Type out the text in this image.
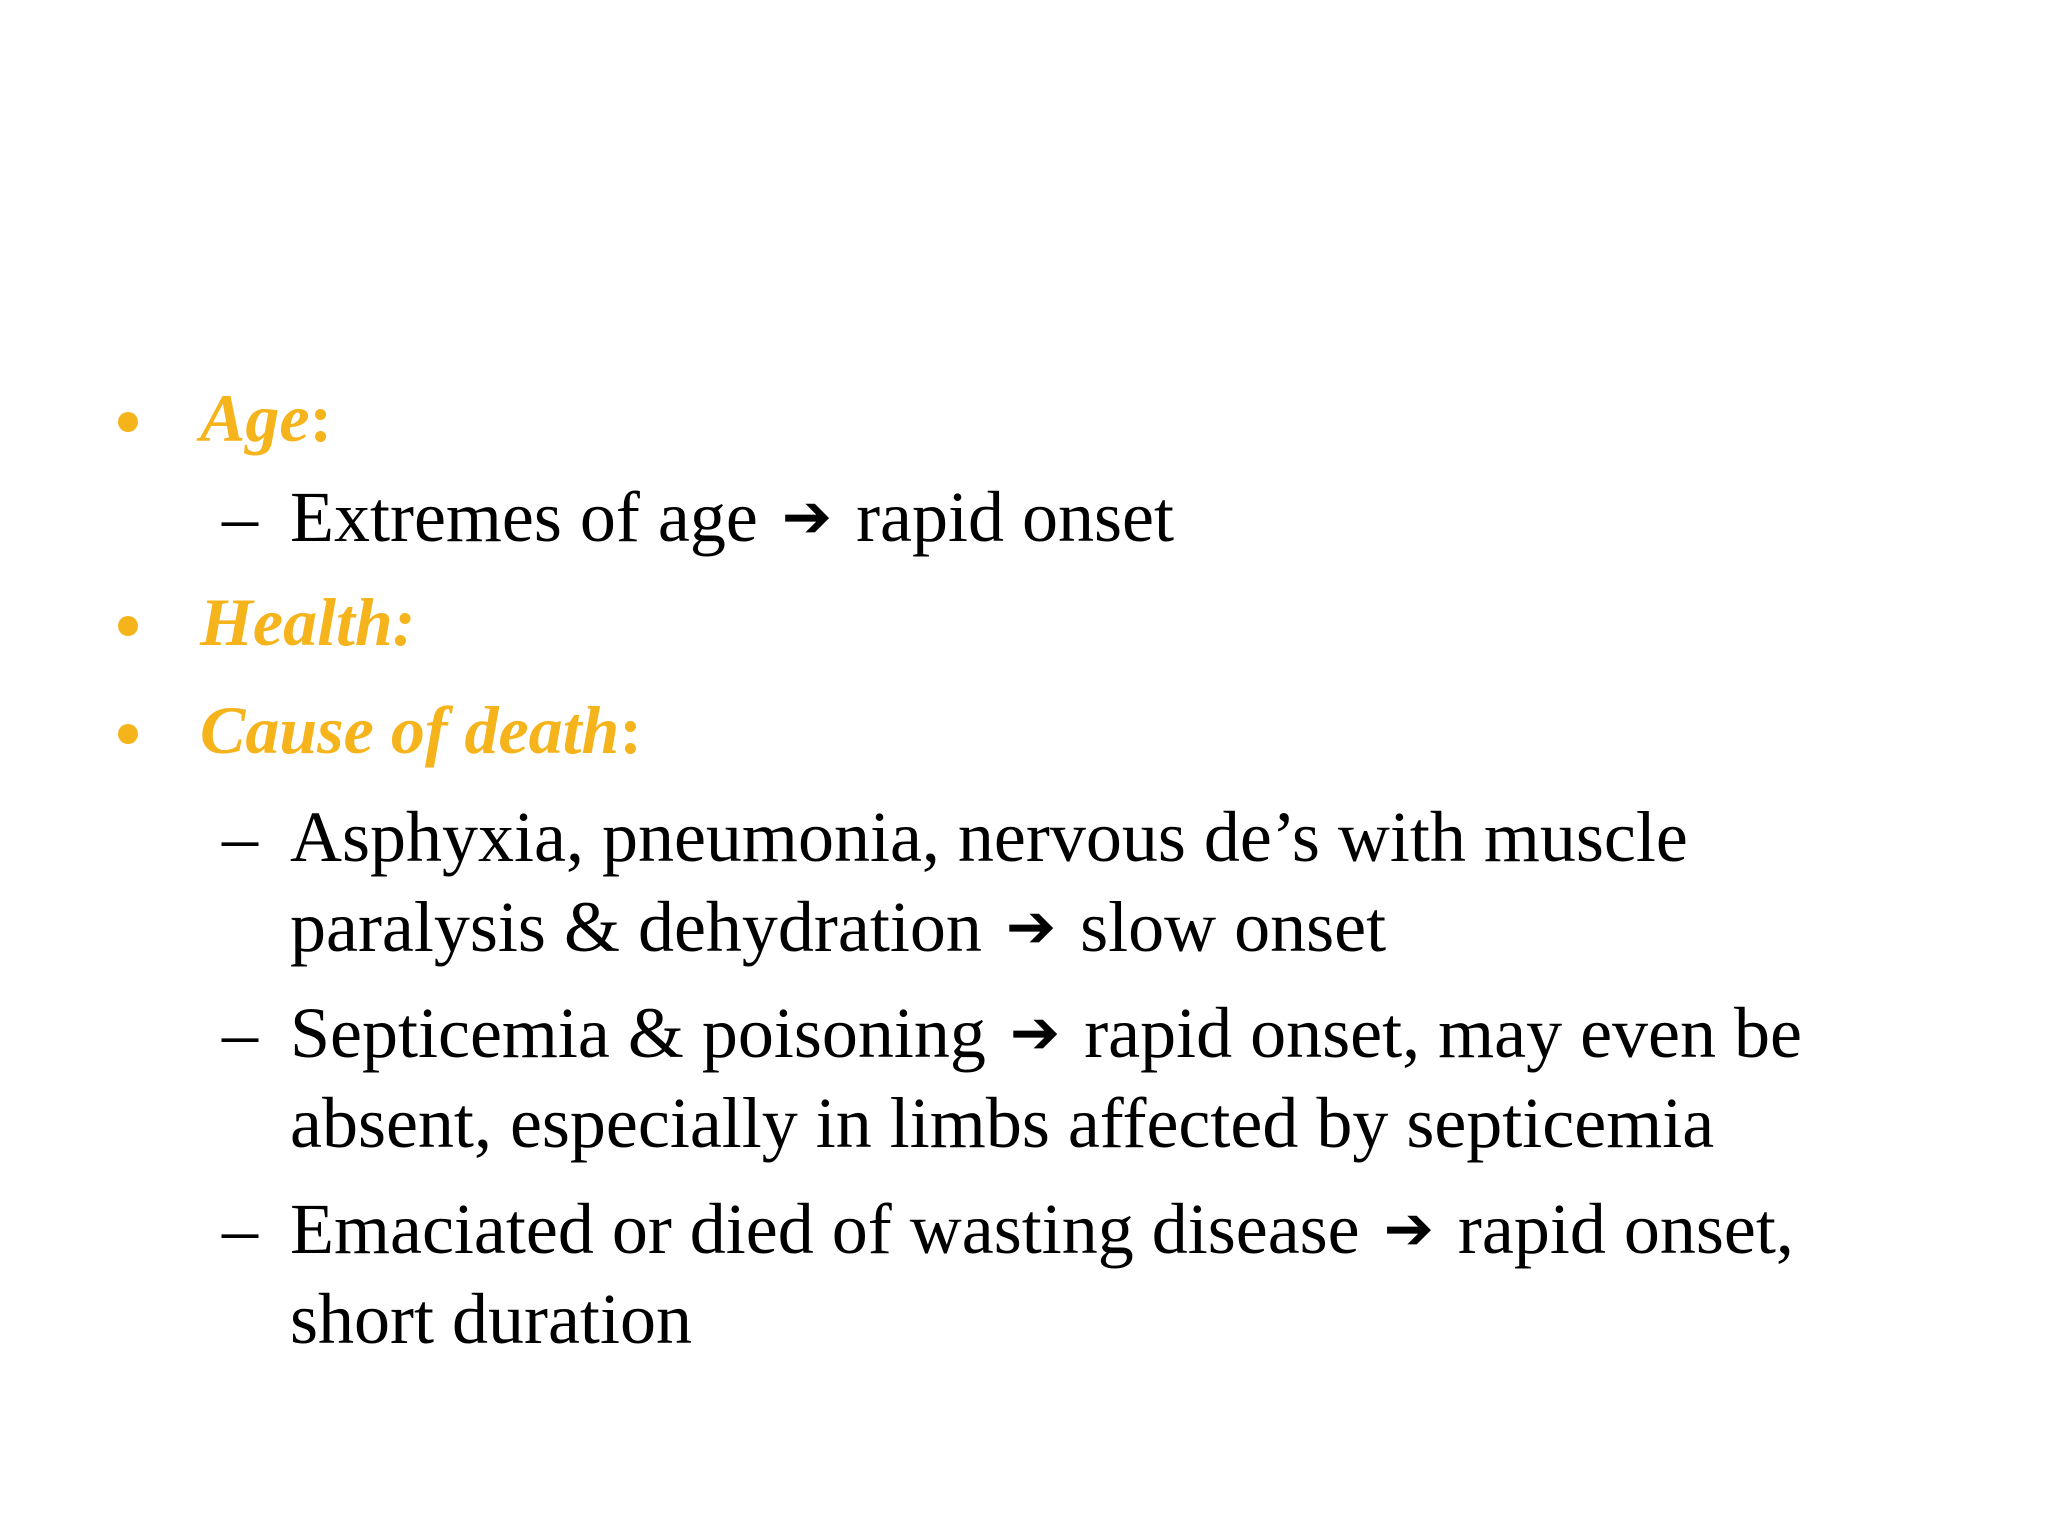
Age:
– Extremes of age ➔ rapid onset
Health:
Cause of death:
– Asphyxia, pneumonia, nervous de’s with muscle
paralysis & dehydration ➔ slow onset
– Septicemia & poisoning ➔ rapid onset, may even be
absent, especially in limbs affected by septicemia
– Emaciated or died of wasting disease ➔ rapid onset,
short duration
